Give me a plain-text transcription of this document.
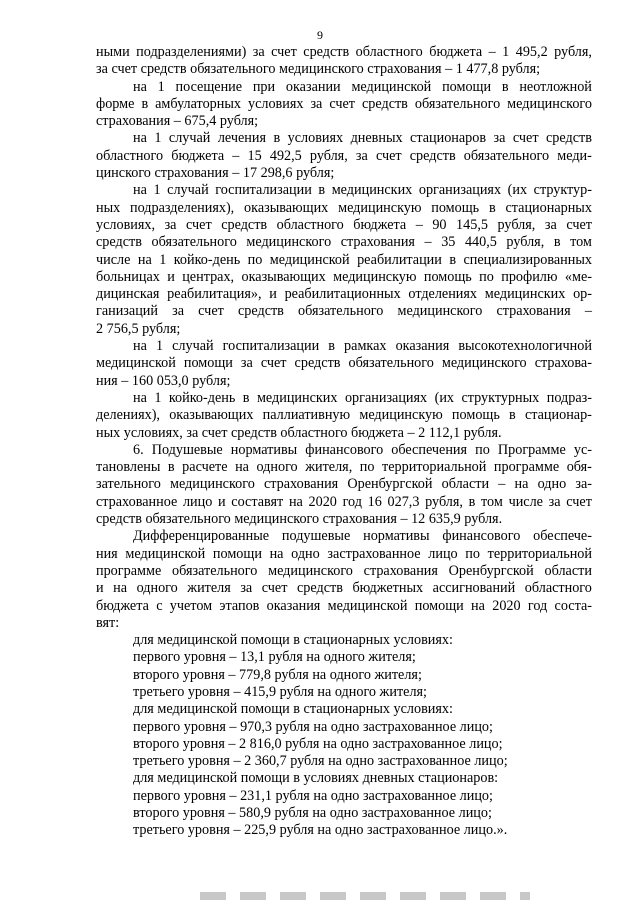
9
ными подразделениями) за счет средств областного бюджета – 1 495,2 рубля,
за счет средств обязательного медицинского страхования – 1 477,8 рубля;
на 1 посещение при оказании медицинской помощи в неотложной
форме в амбулаторных условиях за счет средств обязательного медицинского
страхования – 675,4 рубля;
на 1 случай лечения в условиях дневных стационаров за счет средств
областного бюджета – 15 492,5 рубля, за счет средств обязательного меди-
цинского страхования – 17 298,6 рубля;
на 1 случай госпитализации в медицинских организациях (их структур-
ных подразделениях), оказывающих медицинскую помощь в стационарных
условиях, за счет средств областного бюджета – 90 145,5 рубля, за счет
средств обязательного медицинского страхования – 35 440,5 рубля, в том
числе на 1 койко-день по медицинской реабилитации в специализированных
больницах и центрах, оказывающих медицинскую помощь по профилю «ме-
дицинская реабилитация», и реабилитационных отделениях медицинских ор-
ганизаций за счет средств обязательного медицинского страхования –
2 756,5 рубля;
на 1 случай госпитализации в рамках оказания высокотехнологичной
медицинской помощи за счет средств обязательного медицинского страхова-
ния – 160 053,0 рубля;
на 1 койко-день в медицинских организациях (их структурных подраз-
делениях), оказывающих паллиативную медицинскую помощь в стационар-
ных условиях, за счет средств областного бюджета – 2 112,1 рубля.
6. Подушевые нормативы финансового обеспечения по Программе ус-
тановлены в расчете на одного жителя, по территориальной программе обя-
зательного медицинского страхования Оренбургской области – на одно за-
страхованное лицо и составят на 2020 год 16 027,3 рубля, в том числе за счет
средств обязательного медицинского страхования – 12 635,9 рубля.
Дифференцированные подушевые нормативы финансового обеспече-
ния медицинской помощи на одно застрахованное лицо по территориальной
программе обязательного медицинского страхования Оренбургской области
и на одного жителя за счет средств бюджетных ассигнований областного
бюджета с учетом этапов оказания медицинской помощи на 2020 год соста-
вят:
для медицинской помощи в стационарных условиях:
первого уровня – 13,1 рубля на одного жителя;
второго уровня – 779,8 рубля на одного жителя;
третьего уровня – 415,9 рубля на одного жителя;
для медицинской помощи в стационарных условиях:
первого уровня – 970,3 рубля на одно застрахованное лицо;
второго уровня – 2 816,0 рубля на одно застрахованное лицо;
третьего уровня – 2 360,7 рубля на одно застрахованное лицо;
для медицинской помощи в условиях дневных стационаров:
первого уровня – 231,1 рубля на одно застрахованное лицо;
второго уровня – 580,9 рубля на одно застрахованное лицо;
третьего уровня – 225,9 рубля на одно застрахованное лицо.».
